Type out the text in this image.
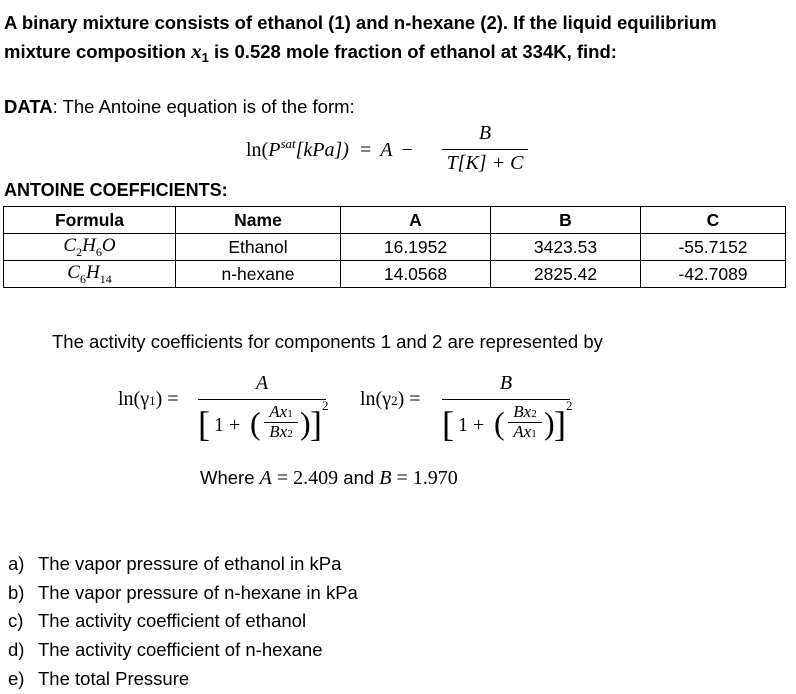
A binary mixture consists of ethanol (1) and n-hexane (2). If the liquid equilibrium
mixture composition $x_1$ is 0.528 mole fraction of ethanol at 334K, find:
DATA: The Antoine equation is of the form:
$\ln(P^{sat}[kPa]) = A$ −
B
T[K] + C
ANTOINE COEFFICIENTS:
Formula	Name	A	B	C
$C_2H_6O$	Ethanol	16.1952	3423.53	-55.7152
$C_6H_{14}$	n-hexane	14.0568	2825.42	-42.7089
The activity coefficients for components 1 and 2 are represented by
ln(γ1) =
A
[ 1 + ( Ax1
Bx2 ) ] 2 ln(γ2) =
B
[ 1 + ( Bx2
Ax1 ) ] 2
Where A = 2.409 and B = 1.970
a) The vapor pressure of ethanol in kPa
b) The vapor pressure of n-hexane in kPa
c) The activity coefficient of ethanol
d) The activity coefficient of n-hexane
e) The total Pressure
